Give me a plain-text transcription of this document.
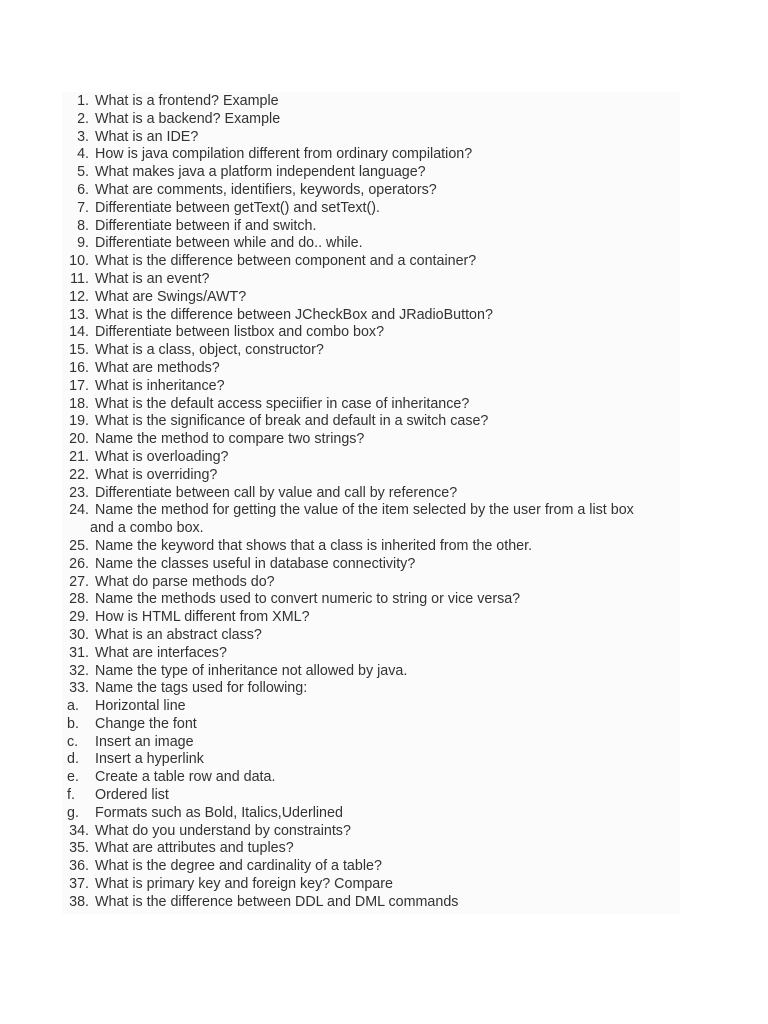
1. What is a frontend? Example
2. What is a backend? Example
3. What is an IDE?
4. How is java compilation different from ordinary compilation?
5. What makes java a platform independent language?
6. What are comments, identifiers, keywords, operators?
7. Differentiate between getText() and setText().
8. Differentiate between if and switch.
9. Differentiate between while and do.. while.
10. What is the difference between component and a container?
11. What is an event?
12. What are Swings/AWT?
13. What is the difference between JCheckBox and JRadioButton?
14. Differentiate between listbox and combo box?
15. What is a class, object, constructor?
16. What are methods?
17. What is inheritance?
18. What is the default access speciifier in case of inheritance?
19. What is the significance of break and default in a switch case?
20. Name the method to compare two strings?
21. What is overloading?
22. What is overriding?
23. Differentiate between call by value and call by reference?
24. Name the method for getting the value of the item selected by the user from a list box and a combo box.
25. Name the keyword that shows that a class is inherited from the other.
26. Name the classes useful in database connectivity?
27. What do parse methods do?
28. Name the methods used to convert numeric to string or vice versa?
29. How is HTML different from XML?
30. What is an abstract class?
31. What are interfaces?
32. Name the type of inheritance not allowed by java.
33. Name the tags used for following:
a. Horizontal line
b. Change the font
c. Insert an image
d. Insert a hyperlink
e. Create a table row and data.
f. Ordered list
g. Formats such as Bold, Italics,Uderlined
34. What do you understand by constraints?
35. What are attributes and tuples?
36. What is the degree and cardinality of a table?
37. What is primary key and foreign key? Compare
38. What is the difference between DDL and DML commands
